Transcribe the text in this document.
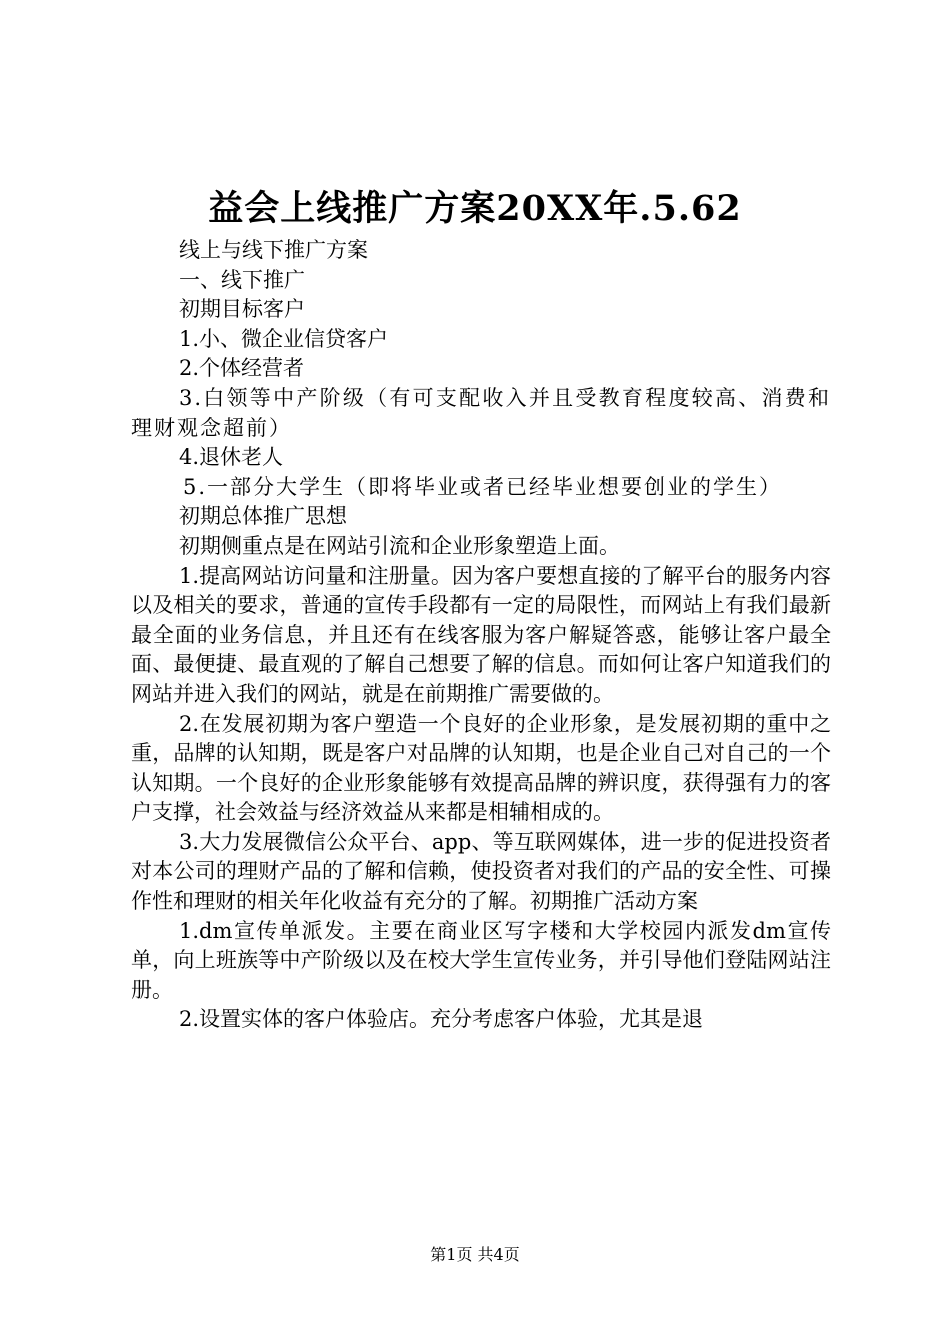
益会上线推广方案20XX年.5.62

线上与线下推广方案

一、线下推广

初期目标客户

1.小、微企业信贷客户

2.个体经营者

3.白领等中产阶级（有可支配收入并且受教育程度较高、消费和理财观念超前）

4.退休老人

5.一部分大学生（即将毕业或者已经毕业想要创业的学生）

初期总体推广思想

初期侧重点是在网站引流和企业形象塑造上面。

1.提高网站访问量和注册量。因为客户要想直接的了解平台的服务内容以及相关的要求，普通的宣传手段都有一定的局限性，而网站上有我们最新最全面的业务信息，并且还有在线客服为客户解疑答惑，能够让客户最全面、最便捷、最直观的了解自己想要了解的信息。而如何让客户知道我们的网站并进入我们的网站，就是在前期推广需要做的。

2.在发展初期为客户塑造一个良好的企业形象，是发展初期的重中之重，品牌的认知期，既是客户对品牌的认知期，也是企业自己对自己的一个认知期。一个良好的企业形象能够有效提高品牌的辨识度，获得强有力的客户支撑，社会效益与经济效益从来都是相辅相成的。

3.大力发展微信公众平台、app、等互联网媒体，进一步的促进投资者对本公司的理财产品的了解和信赖，使投资者对我们的产品的安全性、可操作性和理财的相关年化收益有充分的了解。初期推广活动方案

1.dm宣传单派发。主要在商业区写字楼和大学校园内派发dm宣传单，向上班族等中产阶级以及在校大学生宣传业务，并引导他们登陆网站注册。

2.设置实体的客户体验店。充分考虑客户体验，尤其是退

第1页 共4页
